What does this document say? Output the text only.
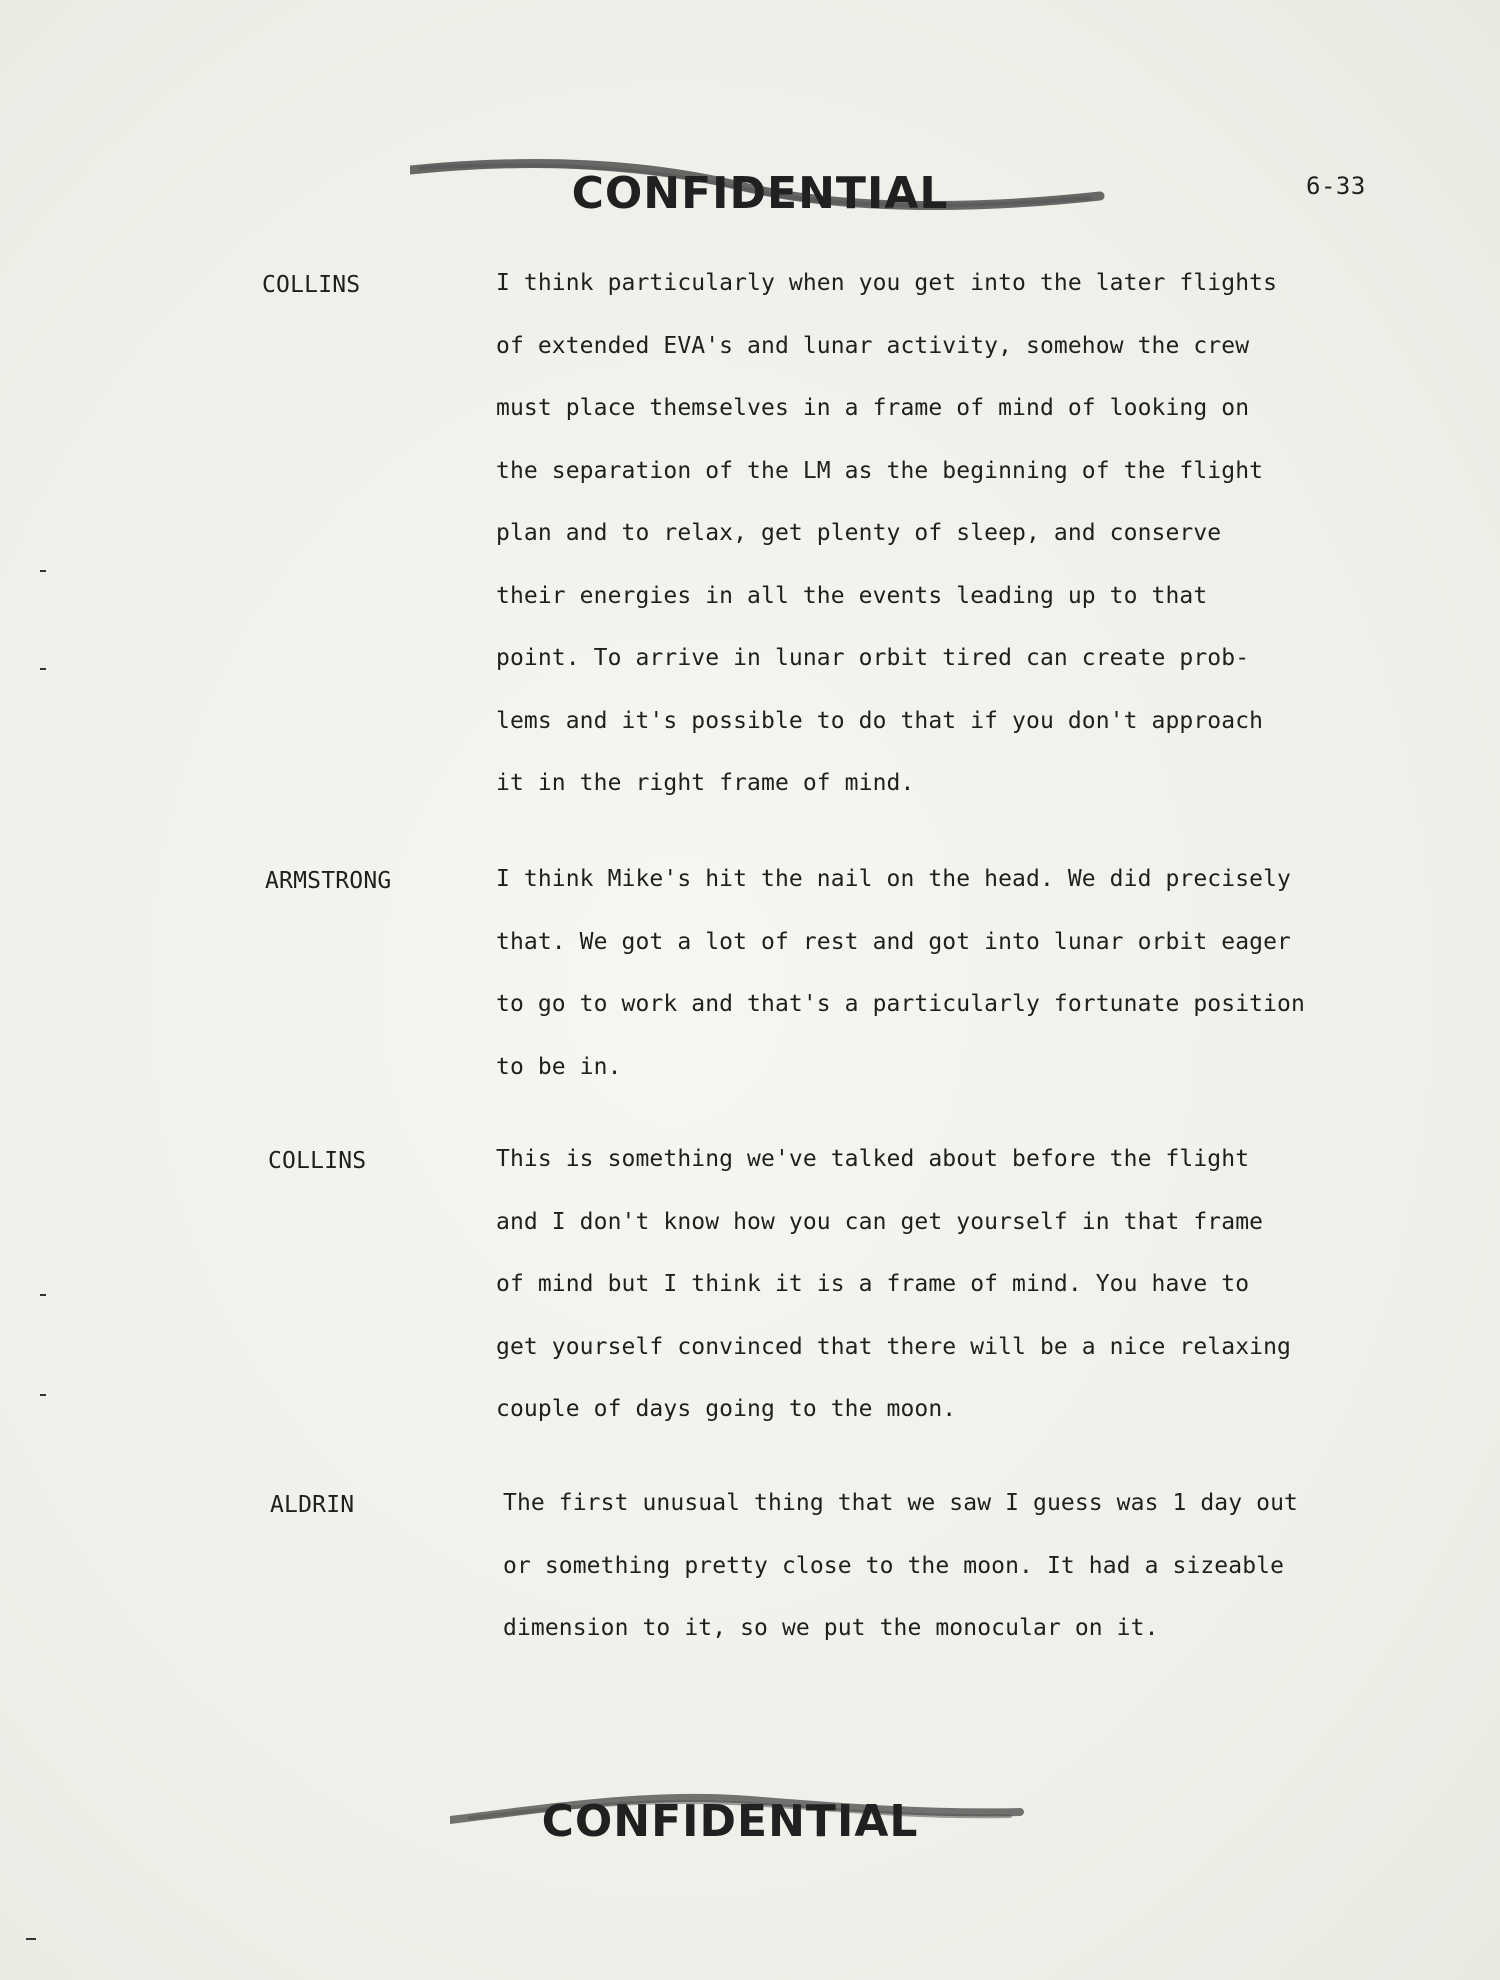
CONFIDENTIAL	6-33
COLLINS	I think particularly when you get into the later flights
of extended EVA's and lunar activity, somehow the crew
must place themselves in a frame of mind of looking on
the separation of the LM as the beginning of the flight
plan and to relax, get plenty of sleep, and conserve
their energies in all the events leading up to that
point. To arrive in lunar orbit tired can create prob-
lems and it's possible to do that if you don't approach
it in the right frame of mind.
ARMSTRONG	I think Mike's hit the nail on the head. We did precisely
that. We got a lot of rest and got into lunar orbit eager
to go to work and that's a particularly fortunate position
to be in.
COLLINS	This is something we've talked about before the flight
and I don't know how you can get yourself in that frame
of mind but I think it is a frame of mind. You have to
get yourself convinced that there will be a nice relaxing
couple of days going to the moon.
ALDRIN	The first unusual thing that we saw I guess was 1 day out
or something pretty close to the moon. It had a sizeable
dimension to it, so we put the monocular on it.
CONFIDENTIAL
